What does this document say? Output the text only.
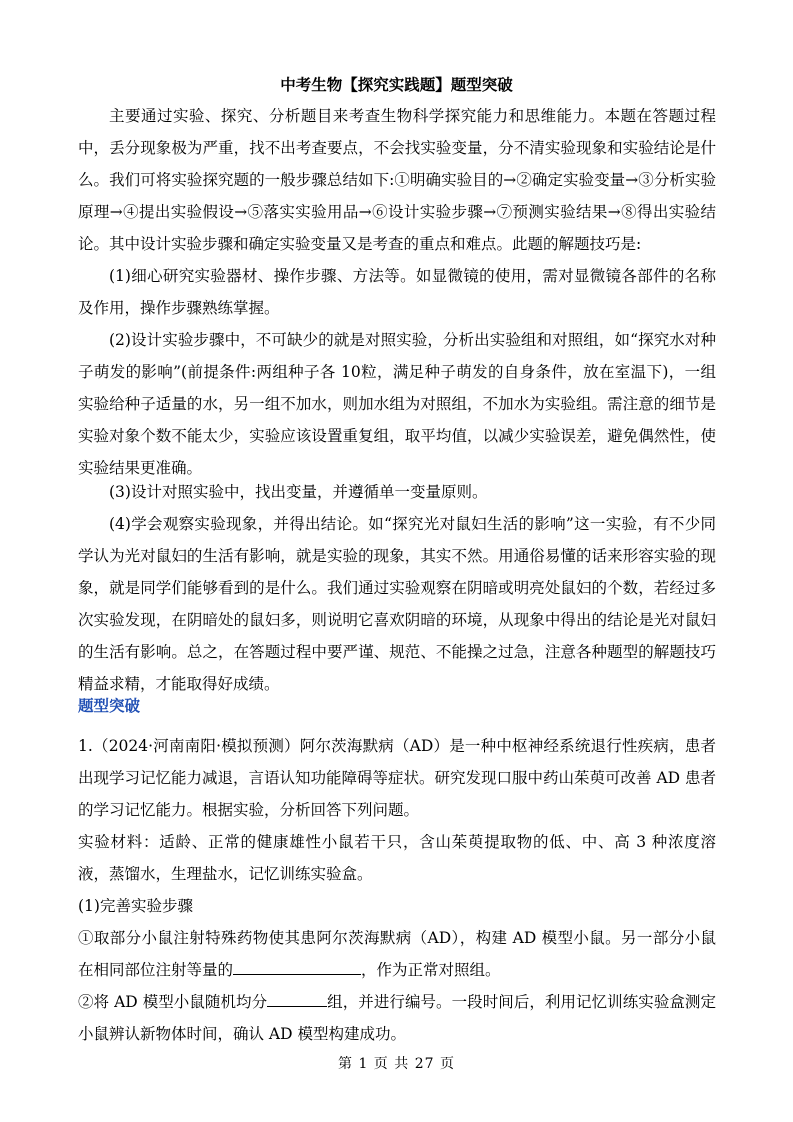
中考生物【探究实践题】题型突破

主要通过实验、探究、分析题目来考查生物科学探究能力和思维能力。本题在答题过程中，丢分现象极为严重，找不出考查要点，不会找实验变量，分不清实验现象和实验结论是什么。我们可将实验探究题的一般步骤总结如下:①明确实验目的→②确定实验变量→③分析实验原理→④提出实验假设→⑤落实实验用品→⑥设计实验步骤→⑦预测实验结果→⑧得出实验结论。其中设计实验步骤和确定实验变量又是考查的重点和难点。此题的解题技巧是:

(1)细心研究实验器材、操作步骤、方法等。如显微镜的使用，需对显微镜各部件的名称及作用，操作步骤熟练掌握。

(2)设计实验步骤中，不可缺少的就是对照实验，分析出实验组和对照组，如“探究水对种子萌发的影响”(前提条件:两组种子各 10粒，满足种子萌发的自身条件，放在室温下)，一组实验给种子适量的水，另一组不加水，则加水组为对照组，不加水为实验组。需注意的细节是实验对象个数不能太少，实验应该设置重复组，取平均值，以减少实验误差，避免偶然性，使实验结果更准确。

(3)设计对照实验中，找出变量，并遵循单一变量原则。

(4)学会观察实验现象，并得出结论。如“探究光对鼠妇生活的影响”这一实验，有不少同学认为光对鼠妇的生活有影响，就是实验的现象，其实不然。用通俗易懂的话来形容实验的现象，就是同学们能够看到的是什么。我们通过实验观察在阴暗或明亮处鼠妇的个数，若经过多次实验发现，在阴暗处的鼠妇多，则说明它喜欢阴暗的环境，从现象中得出的结论是光对鼠妇的生活有影响。总之，在答题过程中要严谨、规范、不能操之过急，注意各种题型的解题技巧精益求精，才能取得好成绩。

题型突破

1.（2024·河南南阳·模拟预测）阿尔茨海默病（AD）是一种中枢神经系统退行性疾病，患者出现学习记忆能力减退，言语认知功能障碍等症状。研究发现口服中药山茱萸可改善 AD 患者的学习记忆能力。根据实验，分析回答下列问题。

实验材料：适龄、正常的健康雄性小鼠若干只，含山茱萸提取物的低、中、高 3 种浓度溶液，蒸馏水，生理盐水，记忆训练实验盒。

(1)完善实验步骤

①取部分小鼠注射特殊药物使其患阿尔茨海默病（AD），构建 AD 模型小鼠。另一部分小鼠在相同部位注射等量的	，作为正常对照组。

②将 AD 模型小鼠随机均分	组，并进行编号。一段时间后，利用记忆训练实验盒测定小鼠辨认新物体时间，确认 AD 模型构建成功。

第 1 页 共 27 页
